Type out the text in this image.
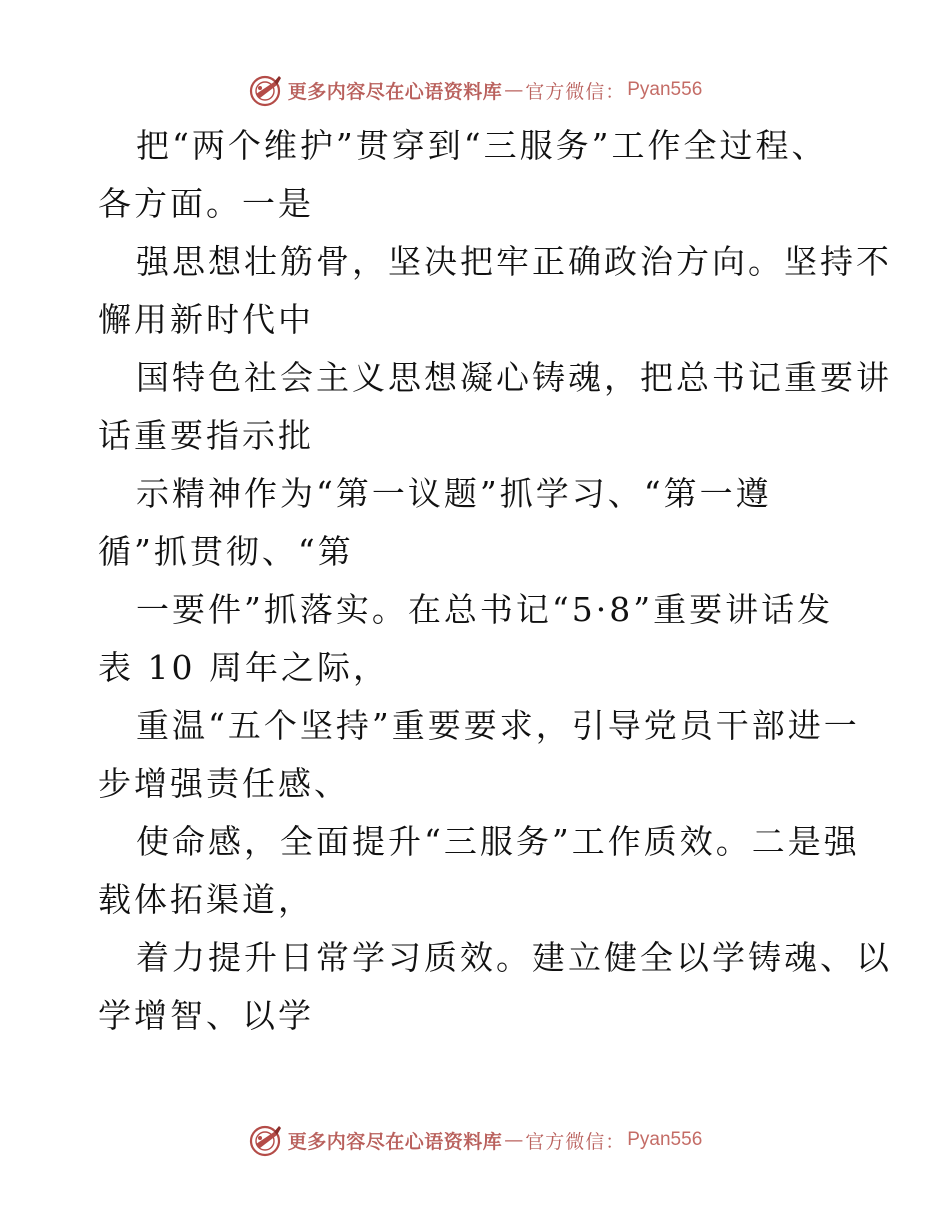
更多内容尽在心语资料库 — 官方微信： Pyan556
把“两个维护”贯穿到“三服务”工作全过程、
各方面。一是
强思想壮筋骨，坚决把牢正确政治方向。坚持不
懈用新时代中
国特色社会主义思想凝心铸魂，把总书记重要讲
话重要指示批
示精神作为“第一议题”抓学习、“第一遵
循”抓贯彻、“第
一要件”抓落实。在总书记“5·8”重要讲话发
表 10 周年之际，
重温“五个坚持”重要要求，引导党员干部进一
步增强责任感、
使命感，全面提升“三服务”工作质效。二是强
载体拓渠道，
着力提升日常学习质效。建立健全以学铸魂、以
学增智、以学
更多内容尽在心语资料库 — 官方微信： Pyan556
